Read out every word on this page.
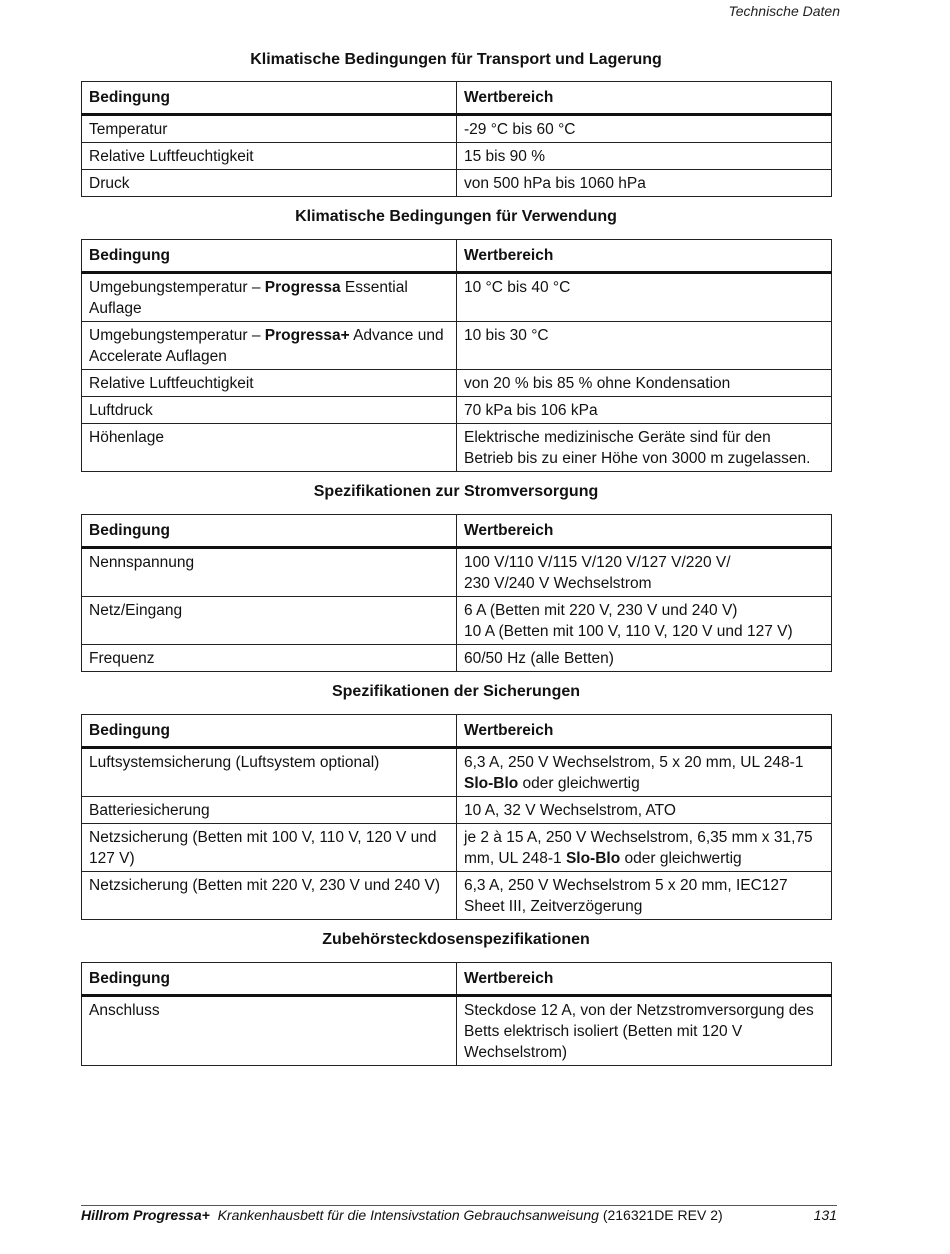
Technische Daten
Klimatische Bedingungen für Transport und Lagerung
Bedingung	Wertbereich
Temperatur	-29 °C bis 60 °C
Relative Luftfeuchtigkeit	15 bis 90 %
Druck	von 500 hPa bis 1060 hPa
Klimatische Bedingungen für Verwendung
Bedingung	Wertbereich
Umgebungstemperatur – Progressa Essential Auflage	10 °C bis 40 °C
Umgebungstemperatur – Progressa+ Advance und Accelerate Auflagen	10 bis 30 °C
Relative Luftfeuchtigkeit	von 20 % bis 85 % ohne Kondensation
Luftdruck	70 kPa bis 106 kPa
Höhenlage	Elektrische medizinische Geräte sind für den Betrieb bis zu einer Höhe von 3000 m zugelassen.
Spezifikationen zur Stromversorgung
Bedingung	Wertbereich
Nennspannung	100 V/110 V/115 V/120 V/127 V/220 V/
230 V/240 V Wechselstrom
Netz/Eingang	6 A (Betten mit 220 V, 230 V und 240 V)
10 A (Betten mit 100 V, 110 V, 120 V und 127 V)
Frequenz	60/50 Hz (alle Betten)
Spezifikationen der Sicherungen
Bedingung	Wertbereich
Luftsystemsicherung (Luftsystem optional)	6,3 A, 250 V Wechselstrom, 5 x 20 mm, UL 248-1 Slo-Blo oder gleichwertig
Batteriesicherung	10 A, 32 V Wechselstrom, ATO
Netzsicherung (Betten mit 100 V, 110 V, 120 V und 127 V)	je 2 à 15 A, 250 V Wechselstrom, 6,35 mm x 31,75 mm, UL 248-1 Slo-Blo oder gleichwertig
Netzsicherung (Betten mit 220 V, 230 V und 240 V)	6,3 A, 250 V Wechselstrom 5 x 20 mm, IEC127 Sheet III, Zeitverzögerung
Zubehörsteckdosenspezifikationen
Bedingung	Wertbereich
Anschluss	Steckdose 12 A, von der Netzstromversorgung des Betts elektrisch isoliert (Betten mit 120 V Wechselstrom)
Hillrom Progressa+ Krankenhausbett für die Intensivstation Gebrauchsanweisung (216321DE REV 2)	131
